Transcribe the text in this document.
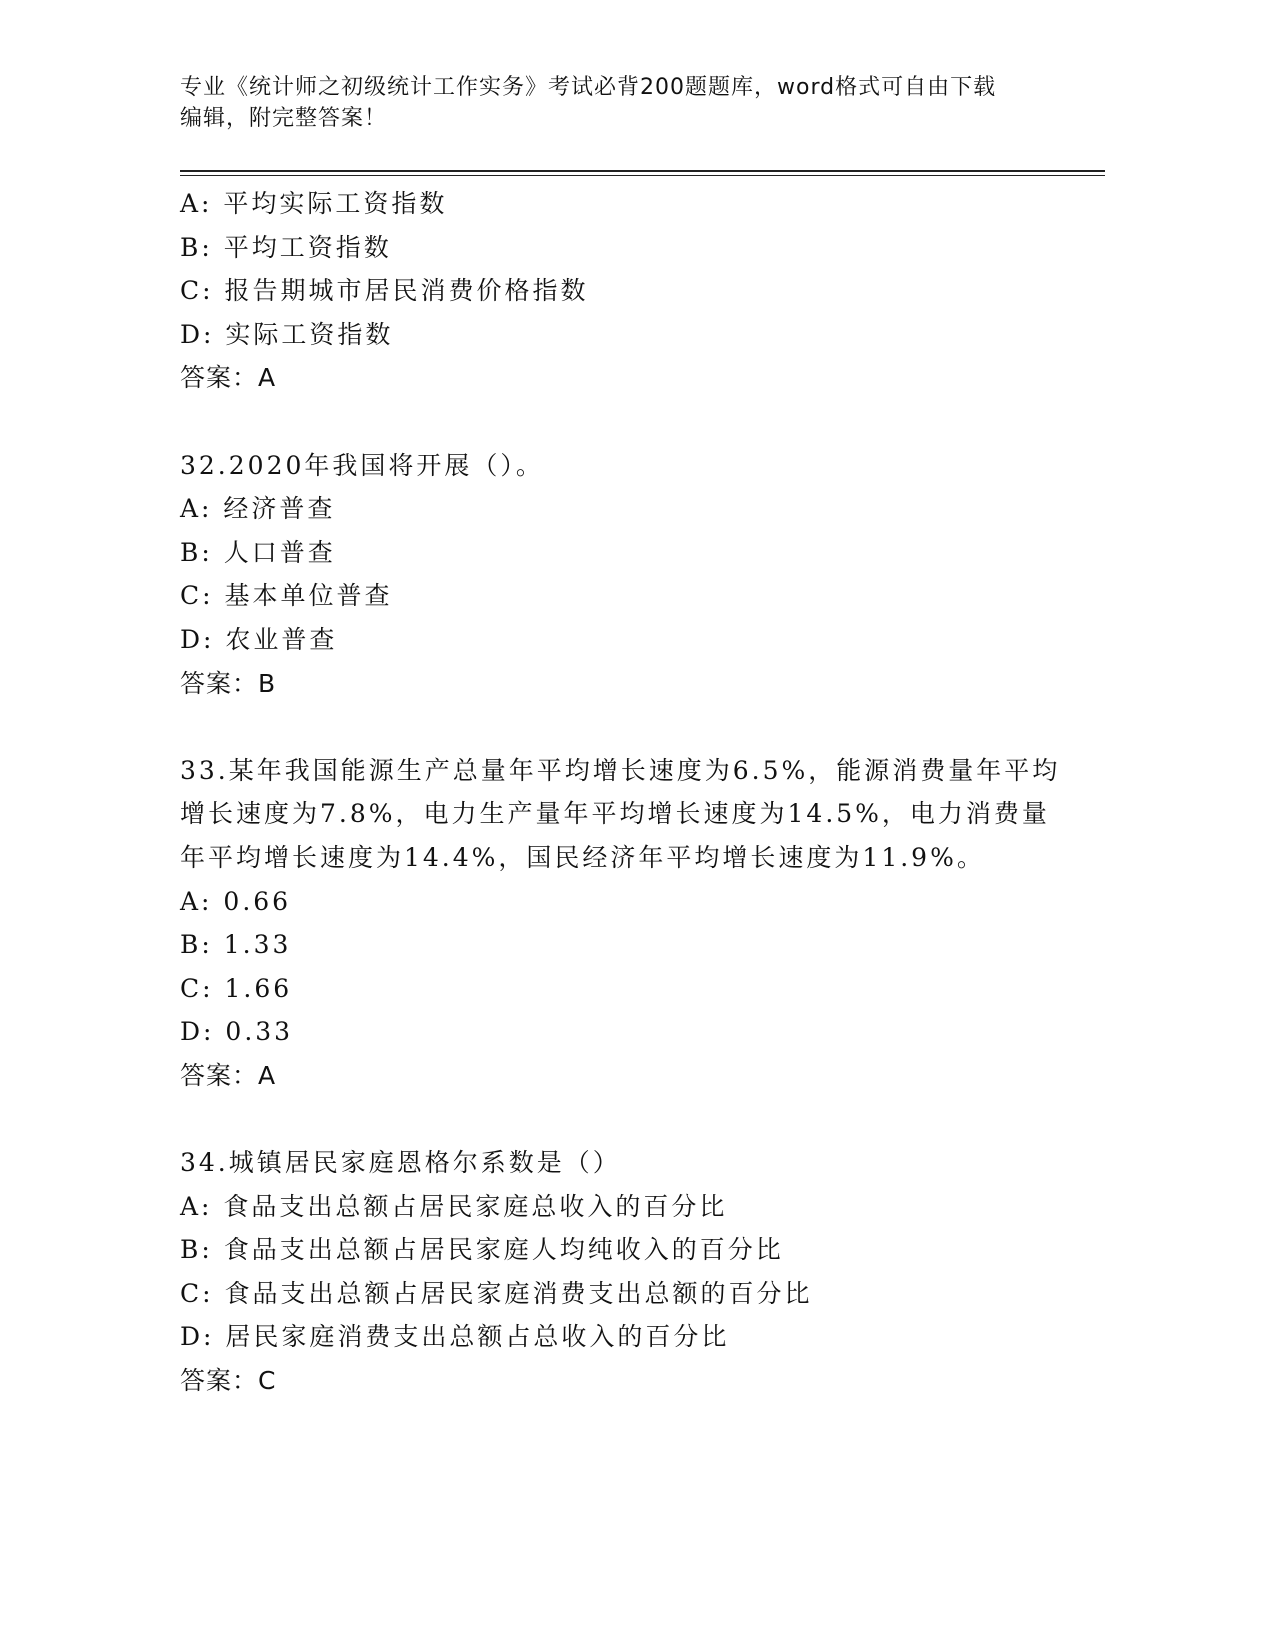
专业《统计师之初级统计工作实务》考试必背200题题库，word格式可自由下载
编辑，附完整答案！
A: 平均实际工资指数
B: 平均工资指数
C: 报告期城市居民消费价格指数
D: 实际工资指数
答案：A
32.2020年我国将开展（）。
A: 经济普查
B: 人口普查
C: 基本单位普查
D: 农业普查
答案：B
33.某年我国能源生产总量年平均增长速度为6.5%，能源消费量年平均
增长速度为7.8%，电力生产量年平均增长速度为14.5%，电力消费量
年平均增长速度为14.4%，国民经济年平均增长速度为11.9%。
A: 0.66
B: 1.33
C: 1.66
D: 0.33
答案：A
34.城镇居民家庭恩格尔系数是（）
A: 食品支出总额占居民家庭总收入的百分比
B: 食品支出总额占居民家庭人均纯收入的百分比
C: 食品支出总额占居民家庭消费支出总额的百分比
D: 居民家庭消费支出总额占总收入的百分比
答案：C
